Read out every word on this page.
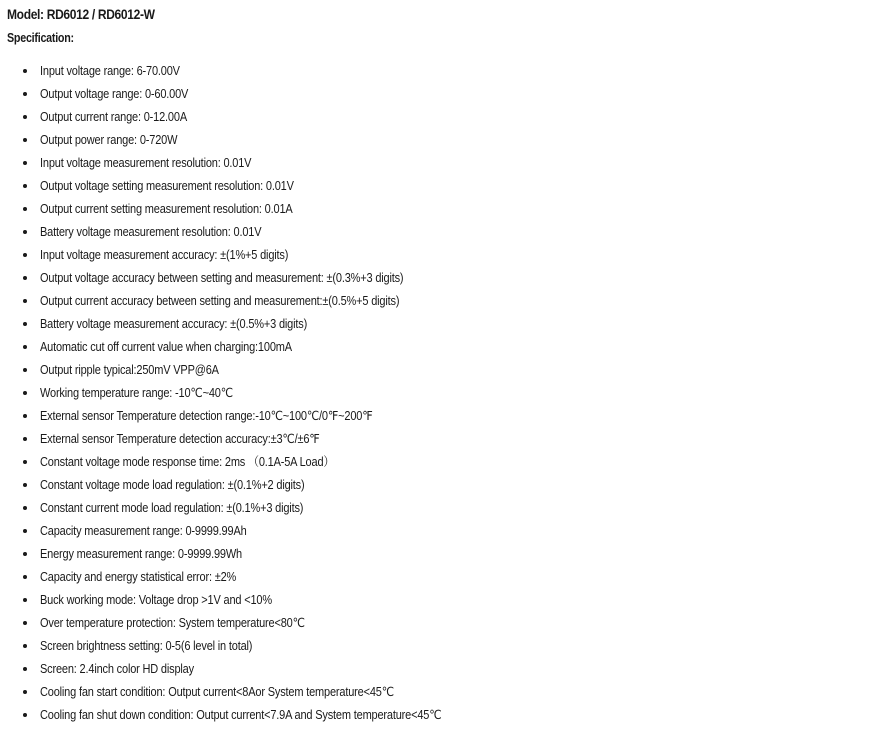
Model: RD6012 / RD6012-W
Specification:
Input voltage range: 6-70.00V
Output voltage range: 0-60.00V
Output current range: 0-12.00A
Output power range: 0-720W
Input voltage measurement resolution: 0.01V
Output voltage setting measurement resolution: 0.01V
Output current setting measurement resolution: 0.01A
Battery voltage measurement resolution: 0.01V
Input voltage measurement accuracy: ±(1%+5 digits)
Output voltage accuracy between setting and measurement: ±(0.3%+3 digits)
Output current accuracy between setting and measurement:±(0.5%+5 digits)
Battery voltage measurement accuracy: ±(0.5%+3 digits)
Automatic cut off current value when charging:100mA
Output ripple typical:250mV VPP@6A
Working temperature range: -10℃~40℃
External sensor Temperature detection range:-10℃~100℃/0℉~200℉
External sensor Temperature detection accuracy:±3℃/±6℉
Constant voltage mode response time: 2ms （0.1A-5A Load）
Constant voltage mode load regulation: ±(0.1%+2 digits)
Constant current mode load regulation: ±(0.1%+3 digits)
Capacity measurement range: 0-9999.99Ah
Energy measurement range: 0-9999.99Wh
Capacity and energy statistical error: ±2%
Buck working mode: Voltage drop >1V and <10%
Over temperature protection: System temperature<80℃
Screen brightness setting: 0-5(6 level in total)
Screen: 2.4inch color HD display
Cooling fan start condition: Output current<8Aor System temperature<45℃
Cooling fan shut down condition: Output current<7.9A and System temperature<45℃
